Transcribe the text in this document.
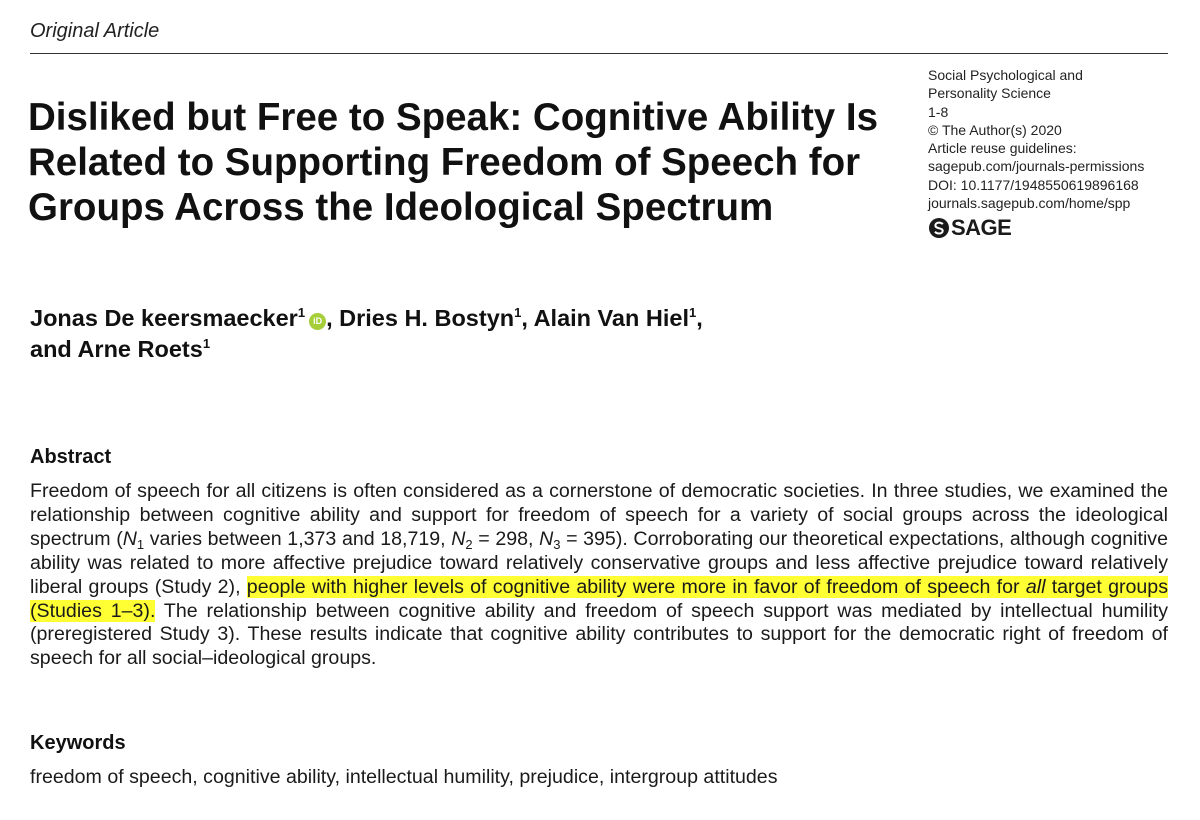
Original Article
Disliked but Free to Speak: Cognitive Ability Is Related to Supporting Freedom of Speech for Groups Across the Ideological Spectrum
Social Psychological and
Personality Science
1-8
© The Author(s) 2020
Article reuse guidelines:
sagepub.com/journals-permissions
DOI: 10.1177/1948550619896168
journals.sagepub.com/home/spp
SAGE
Jonas De keersmaecker$^1$iD , Dries H. Bostyn$^1$, Alain Van Hiel$^1$,
and Arne Roets$^1$
Abstract
Freedom of speech for all citizens is often considered as a cornerstone of democratic societies. In three studies, we examined the relationship between cognitive ability and support for freedom of speech for a variety of social groups across the ideological spectrum ($N_1$ varies between 1,373 and 18,719, $N_2 = 298$, $N_3 = 395$). Corroborating our theoretical expectations, although cognitive ability was related to more affective prejudice toward relatively conservative groups and less affective prejudice toward relatively liberal groups (Study 2), people with higher levels of cognitive ability were more in favor of freedom of speech for all target groups (Studies 1–3). The relationship between cognitive ability and freedom of speech support was mediated by intellectual humility (preregistered Study 3). These results indicate that cognitive ability contributes to support for the democratic right of freedom of speech for all social–ideological groups.
Keywords
freedom of speech, cognitive ability, intellectual humility, prejudice, intergroup attitudes
